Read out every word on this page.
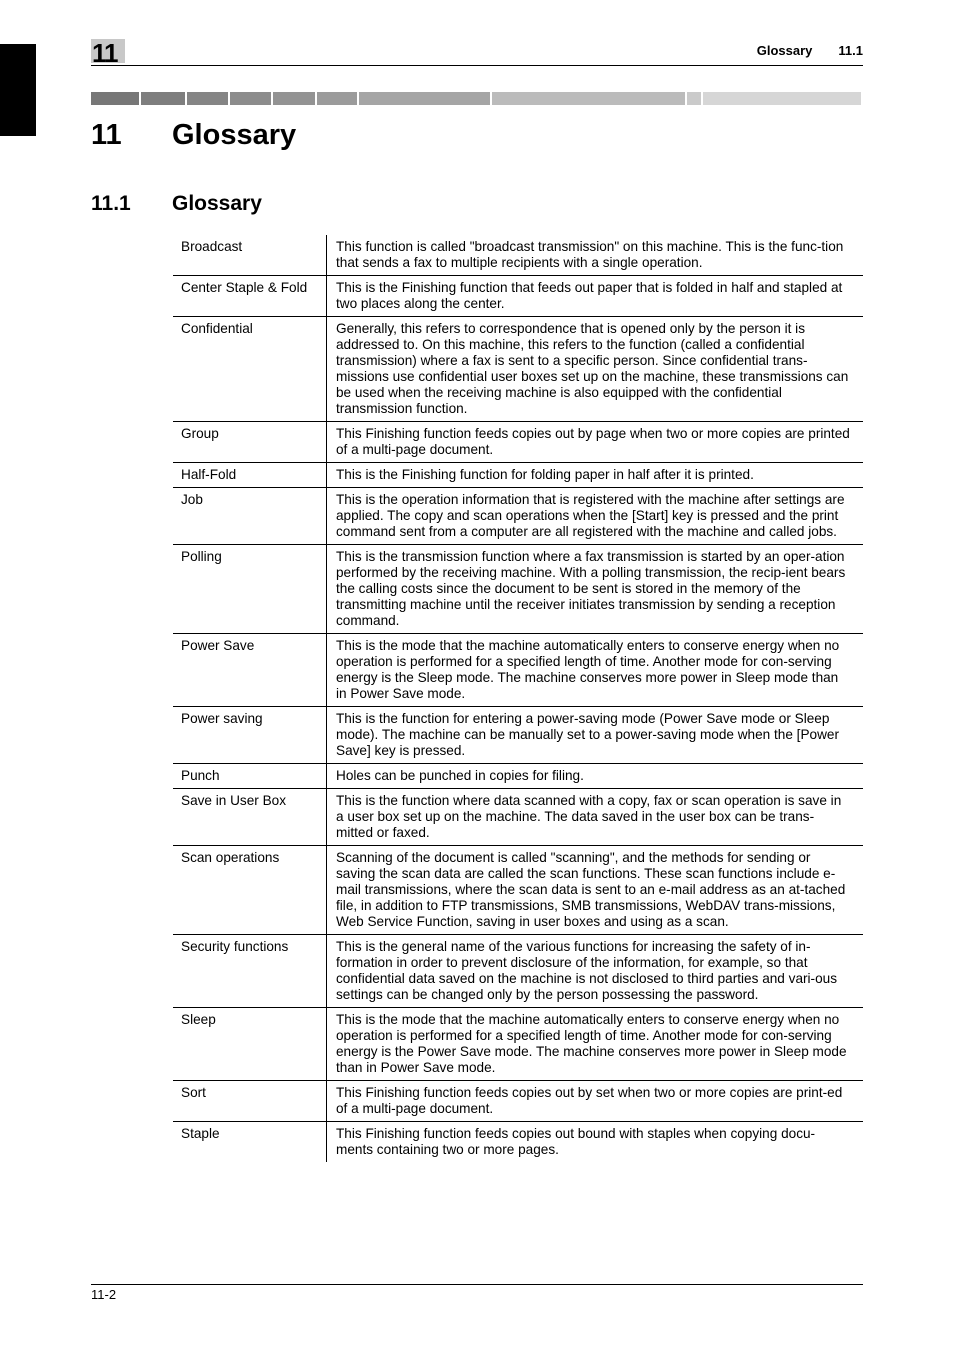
11	Glossary 11.1
11 Glossary
11.1 Glossary
Broadcast	This function is called "broadcast transmission" on this machine. This is the func-tion that sends a fax to multiple recipients with a single operation.
Center Staple & Fold	This is the Finishing function that feeds out paper that is folded in half and stapled at two places along the center.
Confidential	Generally, this refers to correspondence that is opened only by the person it is addressed to. On this machine, this refers to the function (called a confidential transmission) where a fax is sent to a specific person. Since confidential trans-missions use confidential user boxes set up on the machine, these transmissions can be used when the receiving machine is also equipped with the confidential transmission function.
Group	This Finishing function feeds copies out by page when two or more copies are printed of a multi-page document.
Half-Fold	This is the Finishing function for folding paper in half after it is printed.
Job	This is the operation information that is registered with the machine after settings are applied. The copy and scan operations when the [Start] key is pressed and the print command sent from a computer are all registered with the machine and called jobs.
Polling	This is the transmission function where a fax transmission is started by an oper-ation performed by the receiving machine. With a polling transmission, the recip-ient bears the calling costs since the document to be sent is stored in the memory of the transmitting machine until the receiver initiates transmission by sending a reception command.
Power Save	This is the mode that the machine automatically enters to conserve energy when no operation is performed for a specified length of time. Another mode for con-serving energy is the Sleep mode. The machine conserves more power in Sleep mode than in Power Save mode.
Power saving	This is the function for entering a power-saving mode (Power Save mode or Sleep mode). The machine can be manually set to a power-saving mode when the [Power Save] key is pressed.
Punch	Holes can be punched in copies for filing.
Save in User Box	This is the function where data scanned with a copy, fax or scan operation is save in a user box set up on the machine. The data saved in the user box can be trans-mitted or faxed.
Scan operations	Scanning of the document is called "scanning", and the methods for sending or saving the scan data are called the scan functions. These scan functions include e-mail transmissions, where the scan data is sent to an e-mail address as an at-tached file, in addition to FTP transmissions, SMB transmissions, WebDAV trans-missions, Web Service Function, saving in user boxes and using as a scan.
Security functions	This is the general name of the various functions for increasing the safety of in-formation in order to prevent disclosure of the information, for example, so that confidential data saved on the machine is not disclosed to third parties and vari-ous settings can be changed only by the person possessing the password.
Sleep	This is the mode that the machine automatically enters to conserve energy when no operation is performed for a specified length of time. Another mode for con-serving energy is the Power Save mode. The machine conserves more power in Sleep mode than in Power Save mode.
Sort	This Finishing function feeds copies out by set when two or more copies are print-ed of a multi-page document.
Staple	This Finishing function feeds copies out bound with staples when copying docu-ments containing two or more pages.
11-2
